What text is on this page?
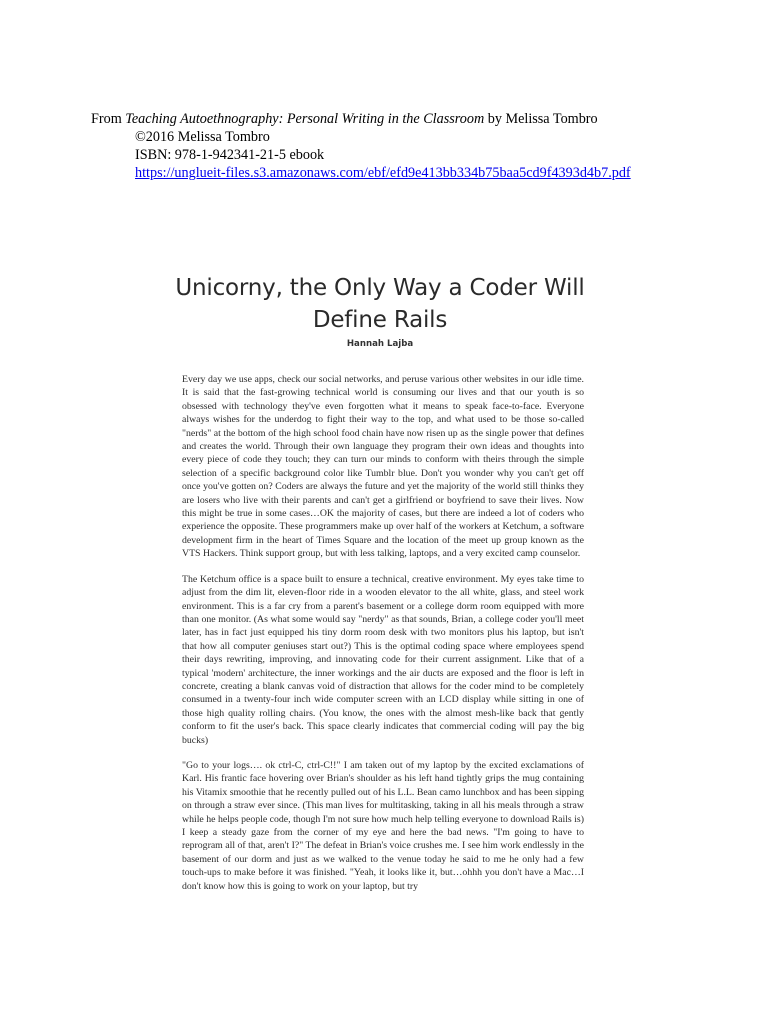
From Teaching Autoethnography: Personal Writing in the Classroom by Melissa Tombro
©2016 Melissa Tombro
ISBN: 978-1-942341-21-5 ebook
https://unglueit-files.s3.amazonaws.com/ebf/efd9e413bb334b75baa5cd9f4393d4b7.pdf
Unicorny, the Only Way a Coder Will
Define Rails
Hannah Lajba

Every day we use apps, check our social networks, and peruse various other websites in our idle time. It is said that the fast-growing technical world is consuming our lives and that our youth is so obsessed with technology they've even forgotten what it means to speak face-to-face. Everyone always wishes for the underdog to fight their way to the top, and what used to be those so-called "nerds" at the bottom of the high school food chain have now risen up as the single power that defines and creates the world. Through their own language they program their own ideas and thoughts into every piece of code they touch; they can turn our minds to conform with theirs through the simple selection of a specific background color like Tumblr blue. Don't you wonder why you can't get off once you've gotten on? Coders are always the future and yet the majority of the world still thinks they are losers who live with their parents and can't get a girlfriend or boyfriend to save their lives. Now this might be true in some cases…OK the majority of cases, but there are indeed a lot of coders who experience the opposite. These programmers make up over half of the workers at Ketchum, a software development firm in the heart of Times Square and the location of the meet up group known as the VTS Hackers. Think support group, but with less talking, laptops, and a very excited camp counselor.

The Ketchum office is a space built to ensure a technical, creative environment. My eyes take time to adjust from the dim lit, eleven-floor ride in a wooden elevator to the all white, glass, and steel work environment. This is a far cry from a parent's basement or a college dorm room equipped with more than one monitor. (As what some would say "nerdy" as that sounds, Brian, a college coder you'll meet later, has in fact just equipped his tiny dorm room desk with two monitors plus his laptop, but isn't that how all computer geniuses start out?) This is the optimal coding space where employees spend their days rewriting, improving, and innovating code for their current assignment. Like that of a typical 'modern' architecture, the inner workings and the air ducts are exposed and the floor is left in concrete, creating a blank canvas void of distraction that allows for the coder mind to be completely consumed in a twenty-four inch wide computer screen with an LCD display while sitting in one of those high quality rolling chairs. (You know, the ones with the almost mesh-like back that gently conform to fit the user's back. This space clearly indicates that commercial coding will pay the big bucks)

"Go to your logs…. ok ctrl-C, ctrl-C!!" I am taken out of my laptop by the excited exclamations of Karl. His frantic face hovering over Brian's shoulder as his left hand tightly grips the mug containing his Vitamix smoothie that he recently pulled out of his L.L. Bean camo lunchbox and has been sipping on through a straw ever since. (This man lives for multitasking, taking in all his meals through a straw while he helps people code, though I'm not sure how much help telling everyone to download Rails is) I keep a steady gaze from the corner of my eye and here the bad news. "I'm going to have to reprogram all of that, aren't I?" The defeat in Brian's voice crushes me. I see him work endlessly in the basement of our dorm and just as we walked to the venue today he said to me he only had a few touch-ups to make before it was finished. "Yeah, it looks like it, but…ohhh you don't have a Mac…I don't know how this is going to work on your laptop, but try
